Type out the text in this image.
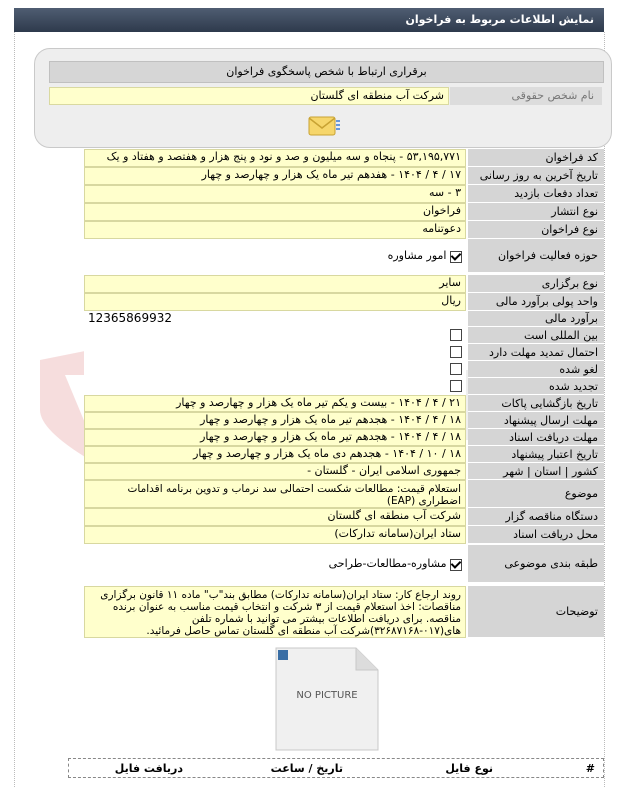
نمایش اطلاعات مربوط به فراخوان
برقراری ارتباط با شخص پاسخگوی فراخوان
نام شخص حقوقی
شرکت آب منطقه ای گلستان
کد فراخوان
۵۳,۱۹۵,۷۷۱ - پنجاه و سه میلیون و صد و نود و پنج هزار و هفتصد و هفتاد و یک
تاریخ آخرین به روز رسانی
۱۷ / ۴ / ۱۴۰۴ - هفدهم تیر ماه یک هزار و چهارصد و چهار
تعداد دفعات بازدید
۳ - سه
نوع انتشار
فراخوان
نوع فراخوان
دعوتنامه
حوزه فعالیت فراخوان
امور مشاوره
نوع برگزاری
سایر
واحد پولی برآورد مالی
ریال
برآورد مالی
12365869932
بین المللی است
احتمال تمدید مهلت دارد
لغو شده
تجدید شده
تاریخ بازگشایی پاکات
۲۱ / ۴ / ۱۴۰۴ - بیست و یکم تیر ماه یک هزار و چهارصد و چهار
مهلت ارسال پیشنهاد
۱۸ / ۴ / ۱۴۰۴ - هجدهم تیر ماه یک هزار و چهارصد و چهار
مهلت دریافت اسناد
۱۸ / ۴ / ۱۴۰۴ - هجدهم تیر ماه یک هزار و چهارصد و چهار
تاریخ اعتبار پیشنهاد
۱۸ / ۱۰ / ۱۴۰۴ - هجدهم دی ماه یک هزار و چهارصد و چهار
کشور | استان | شهر
جمهوری اسلامی ایران - گلستان -
موضوع
استعلام قیمت: مطالعات شکست احتمالی سد نرماب و تدوین برنامه اقدامات اضطراری (EAP)
دستگاه مناقصه گزار
شرکت آب منطقه ای گلستان
محل دریافت اسناد
ستاد ایران(سامانه تدارکات)
طبقه بندی موضوعی
مشاوره-مطالعات-طراحی
توضیحات
روند ارجاع کار: ستاد ایران(سامانه تدارکات) مطابق بند"ب" ماده ۱۱ قانون برگزاری مناقصات: اخذ استعلام قیمت از ۳ شرکت و انتخاب قیمت مناسب به عنوان برنده مناقصه. برای دریافت اطلاعات بیشتر می توانید با شماره تلفن های(۰۱۷-۳۲۶۸۷۱۶۸)شرکت آب منطقه ای گلستان تماس حاصل فرمائید.
NO PICTURE
#
نوع فایل
تاریخ / ساعت
دریافت فایل
